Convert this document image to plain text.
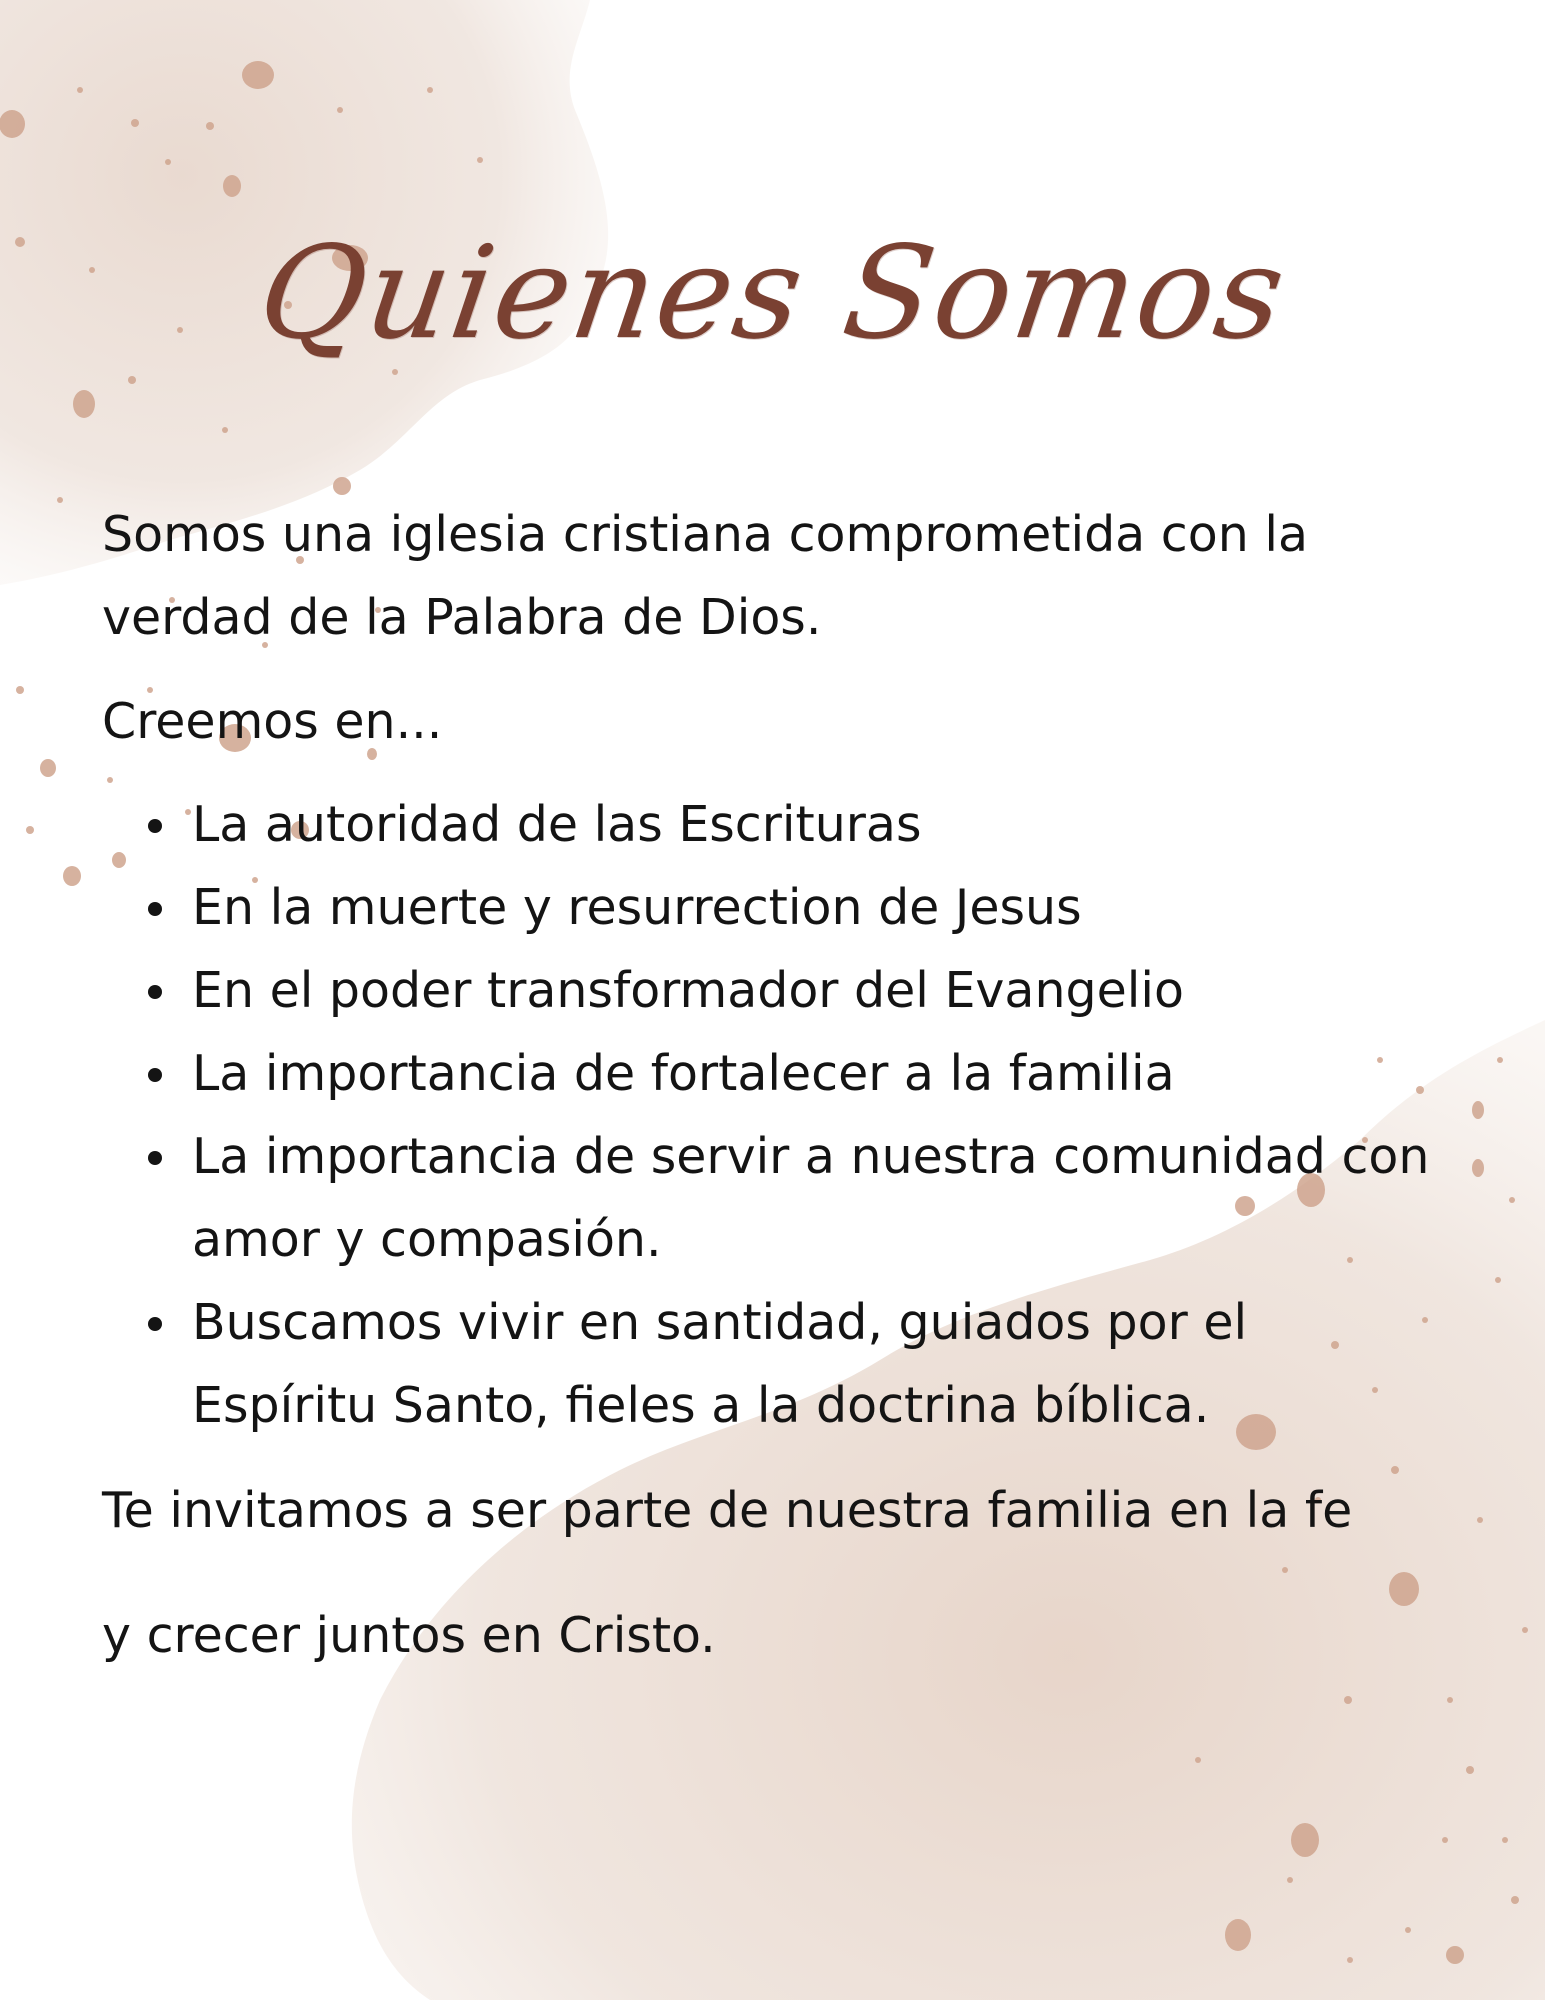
Quienes Somos

Somos una iglesia cristiana comprometida con la verdad de la Palabra de Dios.

Creemos en...

La autoridad de las Escrituras
En la muerte y resurrection de Jesus
En el poder transformador del Evangelio
La importancia de fortalecer a la familia
La importancia de servir a nuestra comunidad con amor y compasión.
Buscamos vivir en santidad, guiados por el Espíritu Santo, fieles a la doctrina bíblica.

Te invitamos a ser parte de nuestra familia en la fe

y crecer juntos en Cristo.
